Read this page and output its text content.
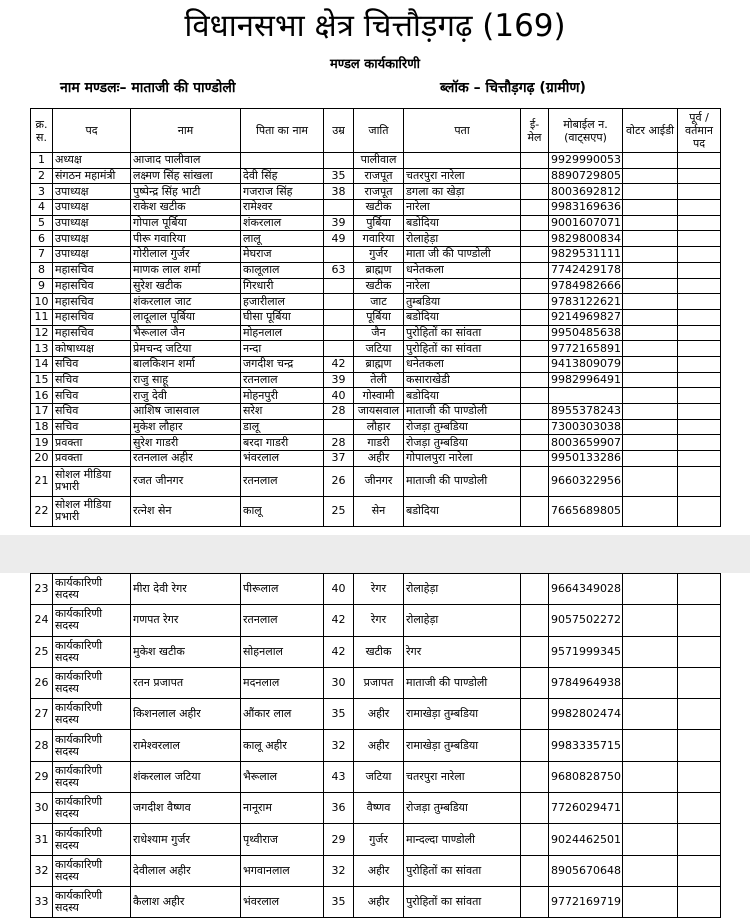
विधानसभा क्षेत्र चित्तौड़गढ़ (169)
मण्डल कार्यकारिणी
नाम मण्डलः– माताजी की पाण्डोली	ब्लॉक – चित्तौड़गढ़ (ग्रामीण)
क्र. स.	पद	नाम	पिता का नाम	उम्र	जाति	पता	ई-मेल	मोबाईल न. (वाट्सएप)	वोटर आईडी	पूर्व / वर्तमान पद
1	अध्यक्ष	आजाद पालीवाल			पालीवाल			9929990053		
2	संगठन महामंत्री	लक्ष्मण सिंह सांखला	देवी सिंह	35	राजपूत	चतरपुरा नारेला		8890729805		
3	उपाध्यक्ष	पुष्पेन्द्र सिंह भाटी	गजराज सिंह	38	राजपूत	डगला का खेड़ा		8003692812		
4	उपाध्यक्ष	राकेश खटीक	रामेश्वर		खटीक	नारेला		9983169636		
5	उपाध्यक्ष	गोपाल पूर्बिया	शंकरलाल	39	पुर्बिया	बडोदिया		9001607071		
6	उपाध्यक्ष	पीरू गवारिया	लालू	49	गवारिया	रोलाहेड़ा		9829800834		
7	उपाध्यक्ष	गोरीलाल गुर्जर	मेघराज		गुर्जर	माता जी की पाण्डोली		9829531111		
8	महासचिव	माणक लाल शर्मा	कालूलाल	63	ब्राह्मण	धनेतकला		7742429178		
9	महासचिव	सुरेश खटीक	गिरधारी		खटीक	नारेला		9784982666		
10	महासचिव	शंकरलाल जाट	हजारीलाल		जाट	तुम्बडिया		9783122621		
11	महासचिव	लादूलाल पूर्बिया	घीसा पूर्बिया		पूर्बिया	बडोदिया		9214969827		
12	महासचिव	भैरूलाल जैन	मोहनलाल		जैन	पुरोहितों का सांवता		9950485638		
13	कोषाध्यक्ष	प्रेमचन्द जटिया	नन्दा		जटिया	पुरोहितों का सांवता		9772165891		
14	सचिव	बालकिशन शर्मा	जगदीश चन्द्र	42	ब्राह्मण	धनेतकला		9413809079		
15	सचिव	राजु साहू	रतनलाल	39	तेली	कसाराखेडी		9982996491		
16	सचिव	राजु देवी	मोहनपुरी	40	गोस्वामी	बडोदिया				
17	सचिव	आशिष जासवाल	सरेश	28	जायसवाल	माताजी की पाण्डोली		8955378243		
18	सचिव	मुकेश लौहार	डालू		लौहार	रोजड़ा तुम्बडिया		7300303038		
19	प्रवक्ता	सुरेश गाडरी	बरदा गाडरी	28	गाडरी	रोजड़ा तुम्बडिया		8003659907		
20	प्रवक्ता	रतनलाल अहीर	भंवरलाल	37	अहीर	गोपालपुरा नारेला		9950133286		
21	सोशल मीडिया प्रभारी	रजत जीनगर	रतनलाल	26	जीनगर	माताजी की पाण्डोली		9660322956		
22	सोशल मीडिया प्रभारी	रत्नेश सेन	कालू	25	सेन	बडोदिया		7665689805		
23	कार्यकारिणी सदस्य	मीरा देवी रेगर	पीरूलाल	40	रेगर	रोलाहेड़ा		9664349028		
24	कार्यकारिणी सदस्य	गणपत रेगर	रतनलाल	42	रेगर	रोलाहेड़ा		9057502272		
25	कार्यकारिणी सदस्य	मुकेश खटीक	सोहनलाल	42	खटीक	रेगर		9571999345		
26	कार्यकारिणी सदस्य	रतन प्रजापत	मदनलाल	30	प्रजापत	माताजी की पाण्डोली		9784964938		
27	कार्यकारिणी सदस्य	किशनलाल अहीर	औंकार लाल	35	अहीर	रामाखेड़ा तुम्बडिया		9982802474		
28	कार्यकारिणी सदस्य	रामेश्वरलाल	कालू अहीर	32	अहीर	रामाखेड़ा तुम्बडिया		9983335715		
29	कार्यकारिणी सदस्य	शंकरलाल जटिया	भैरूलाल	43	जटिया	चतरपुरा नारेला		9680828750		
30	कार्यकारिणी सदस्य	जगदीश वैष्णव	नानूराम	36	वैष्णव	रोजड़ा तुम्बडिया		7726029471		
31	कार्यकारिणी सदस्य	राधेश्याम गुर्जर	पृथ्वीराज	29	गुर्जर	मान्दल्दा पाण्डोली		9024462501		
32	कार्यकारिणी सदस्य	देवीलाल अहीर	भगवानलाल	32	अहीर	पुरोहितों का सांवता		8905670648		
33	कार्यकारिणी सदस्य	कैलाश अहीर	भंवरलाल	35	अहीर	पुरोहितों का सांवता		9772169719		
